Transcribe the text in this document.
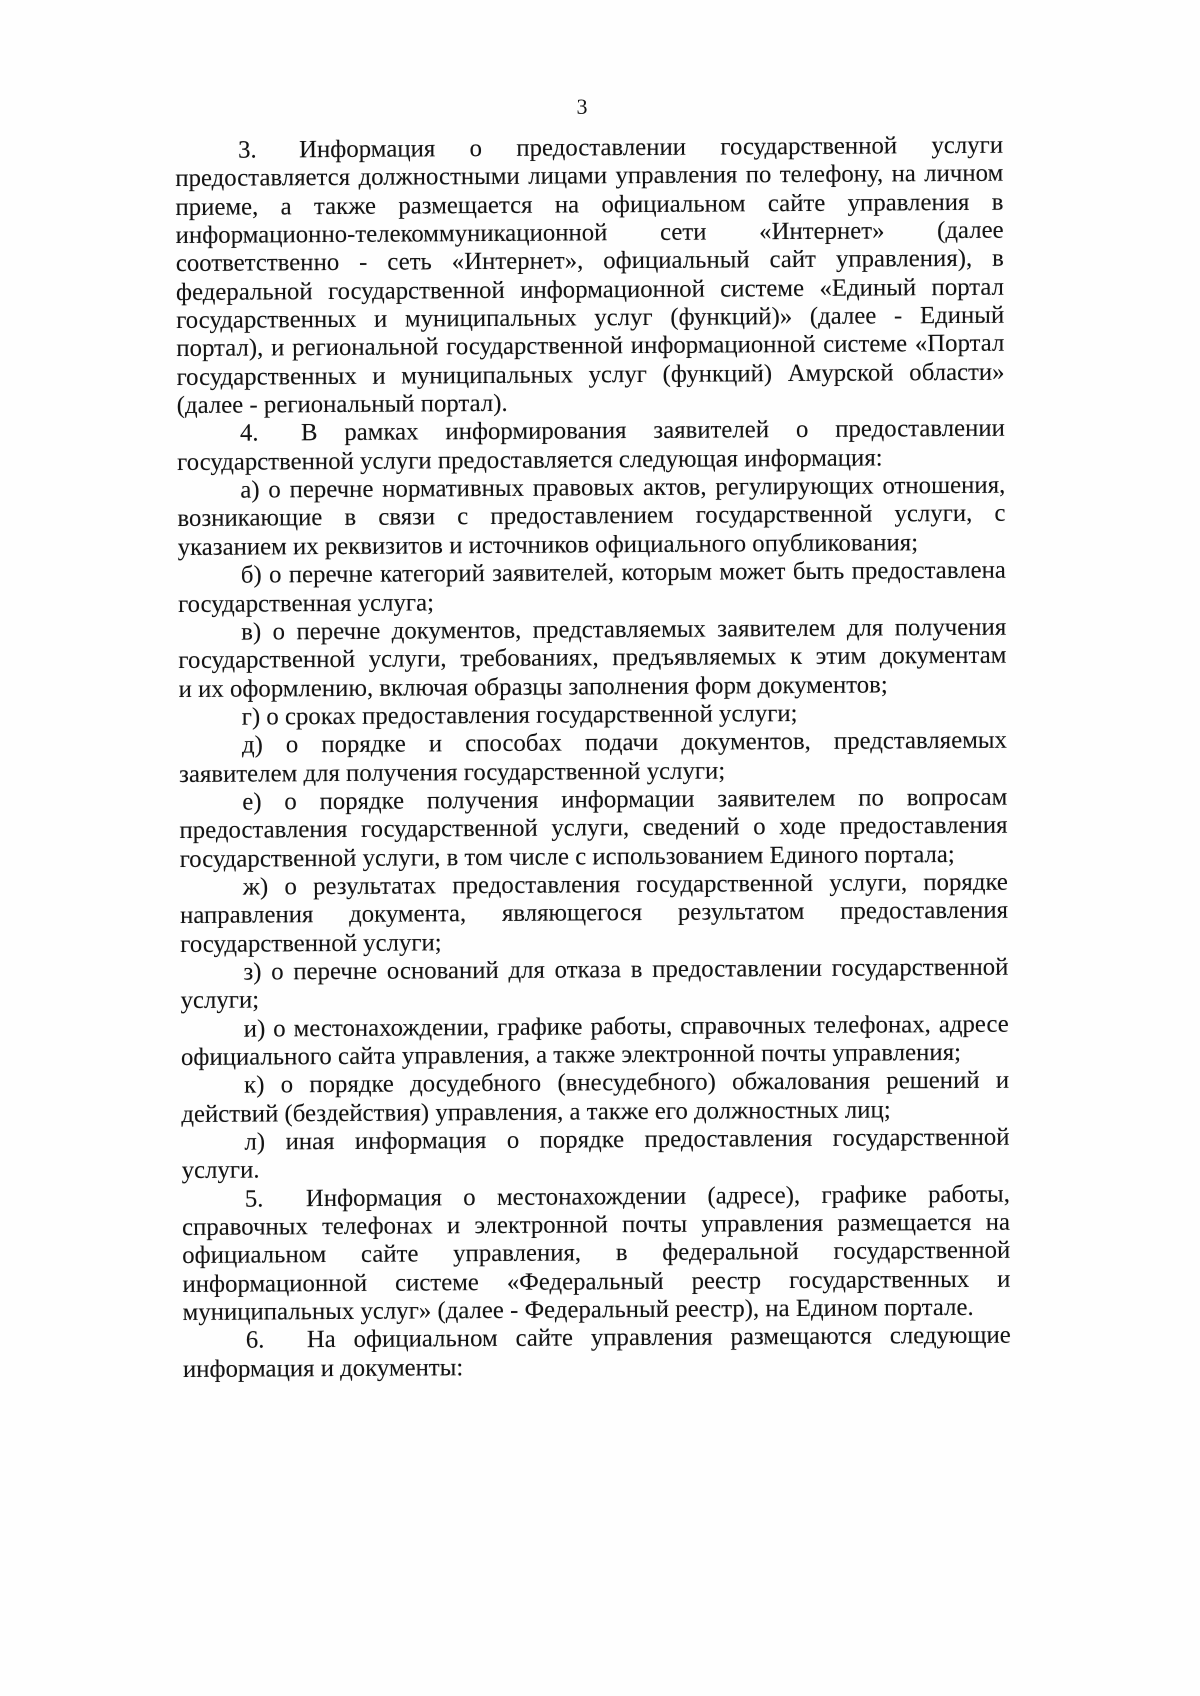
3
3. Информация о предоставлении государственной услуги
предоставляется должностными лицами управления по телефону, на личном
приеме, а также размещается на официальном сайте управления в
информационно-телекоммуникационной сети «Интернет» (далее
соответственно - сеть «Интернет», официальный сайт управления), в
федеральной государственной информационной системе «Единый портал
государственных и муниципальных услуг (функций)» (далее - Единый
портал), и региональной государственной информационной системе «Портал
государственных и муниципальных услуг (функций) Амурской области»
(далее - региональный портал).
4. В рамках информирования заявителей о предоставлении
государственной услуги предоставляется следующая информация:
а) о перечне нормативных правовых актов, регулирующих отношения,
возникающие в связи с предоставлением государственной услуги, с
указанием их реквизитов и источников официального опубликования;
б) о перечне категорий заявителей, которым может быть предоставлена
государственная услуга;
в) о перечне документов, представляемых заявителем для получения
государственной услуги, требованиях, предъявляемых к этим документам
и их оформлению, включая образцы заполнения форм документов;
г) о сроках предоставления государственной услуги;
д) о порядке и способах подачи документов, представляемых
заявителем для получения государственной услуги;
е) о порядке получения информации заявителем по вопросам
предоставления государственной услуги, сведений о ходе предоставления
государственной услуги, в том числе с использованием Единого портала;
ж) о результатах предоставления государственной услуги, порядке
направления документа, являющегося результатом предоставления
государственной услуги;
з) о перечне оснований для отказа в предоставлении государственной
услуги;
и) о местонахождении, графике работы, справочных телефонах, адресе
официального сайта управления, а также электронной почты управления;
к) о порядке досудебного (внесудебного) обжалования решений и
действий (бездействия) управления, а также его должностных лиц;
л) иная информация о порядке предоставления государственной
услуги.
5. Информация о местонахождении (адресе), графике работы,
справочных телефонах и электронной почты управления размещается на
официальном сайте управления, в федеральной государственной
информационной системе «Федеральный реестр государственных и
муниципальных услуг» (далее - Федеральный реестр), на Едином портале.
6. На официальном сайте управления размещаются следующие
информация и документы:
